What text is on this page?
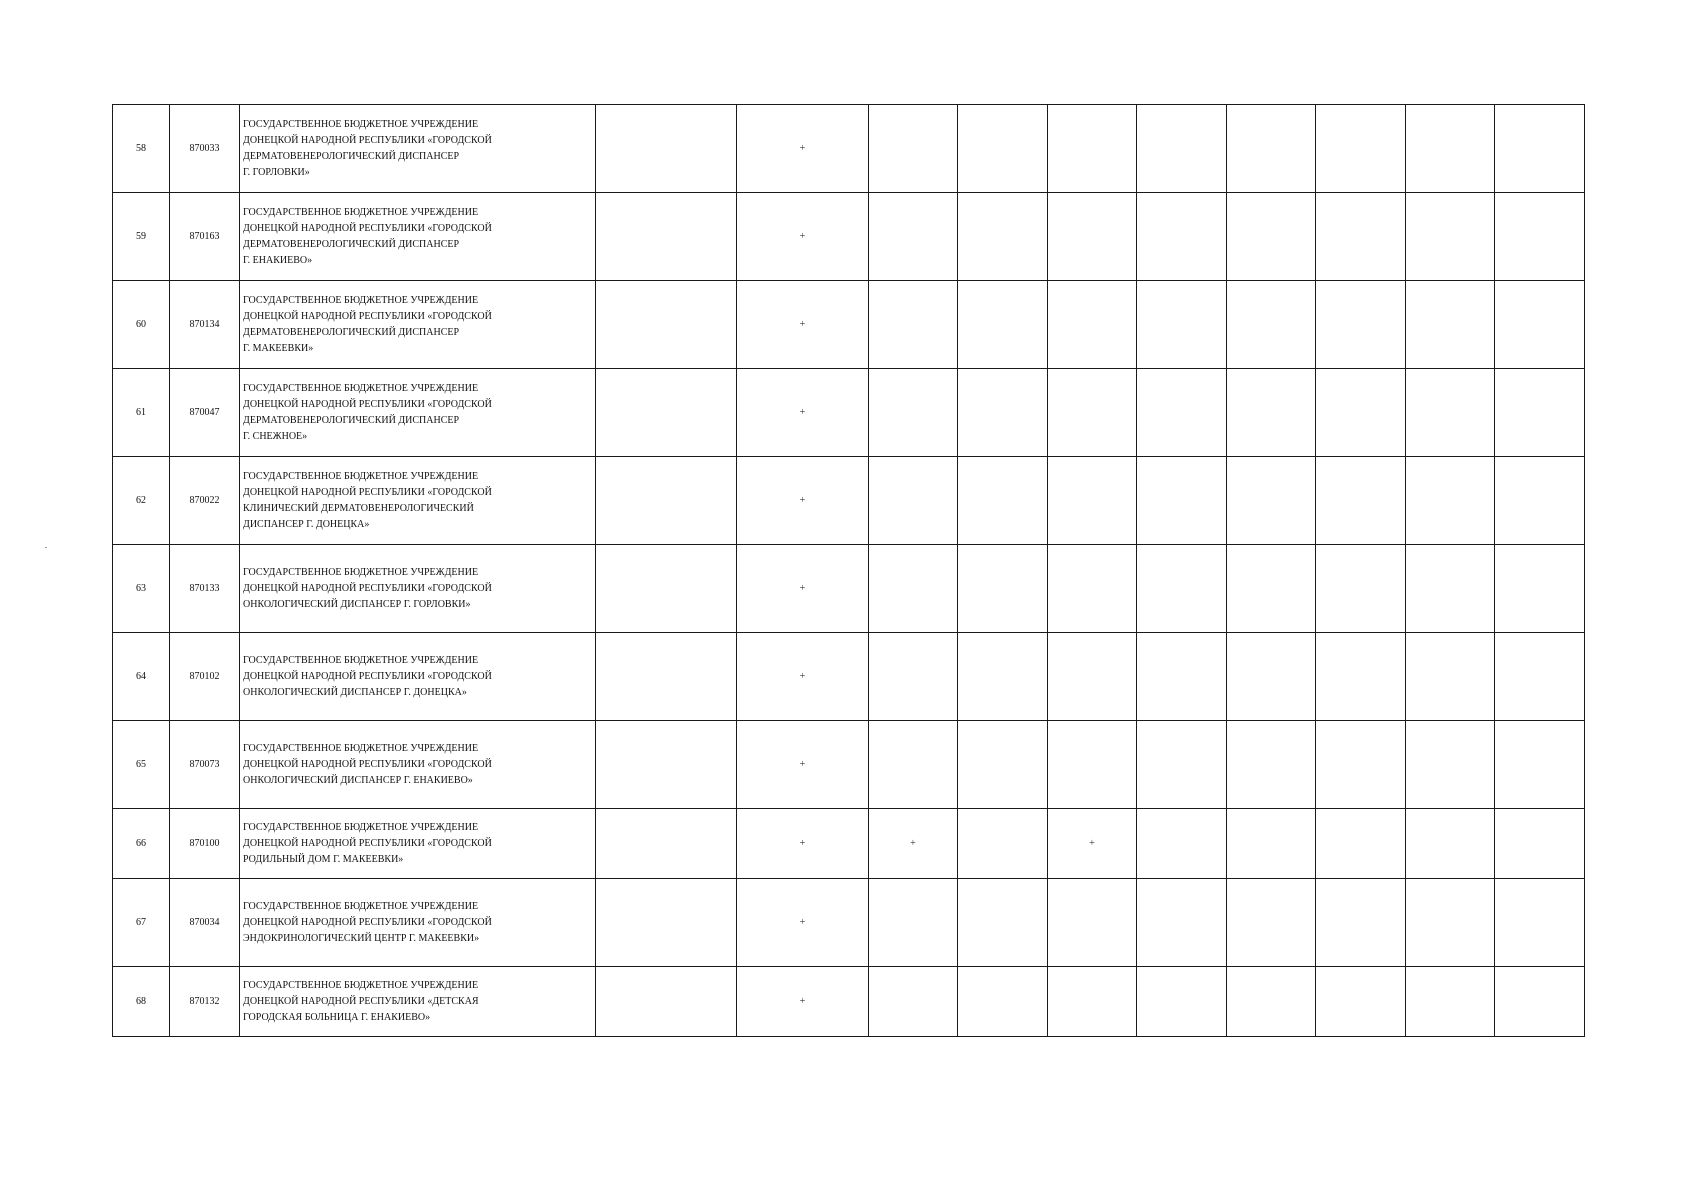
58	870033	ГОСУДАРСТВЕННОЕ БЮДЖЕТНОЕ УЧРЕЖДЕНИЕ
ДОНЕЦКОЙ НАРОДНОЙ РЕСПУБЛИКИ «ГОРОДСКОЙ
ДЕРМАТОВЕНЕРОЛОГИЧЕСКИЙ ДИСПАНСЕР
Г. ГОРЛОВКИ»		+								
59	870163	ГОСУДАРСТВЕННОЕ БЮДЖЕТНОЕ УЧРЕЖДЕНИЕ
ДОНЕЦКОЙ НАРОДНОЙ РЕСПУБЛИКИ «ГОРОДСКОЙ
ДЕРМАТОВЕНЕРОЛОГИЧЕСКИЙ ДИСПАНСЕР
Г. ЕНАКИЕВО»		+								
60	870134	ГОСУДАРСТВЕННОЕ БЮДЖЕТНОЕ УЧРЕЖДЕНИЕ
ДОНЕЦКОЙ НАРОДНОЙ РЕСПУБЛИКИ «ГОРОДСКОЙ
ДЕРМАТОВЕНЕРОЛОГИЧЕСКИЙ ДИСПАНСЕР
Г. МАКЕЕВКИ»		+								
61	870047	ГОСУДАРСТВЕННОЕ БЮДЖЕТНОЕ УЧРЕЖДЕНИЕ
ДОНЕЦКОЙ НАРОДНОЙ РЕСПУБЛИКИ «ГОРОДСКОЙ
ДЕРМАТОВЕНЕРОЛОГИЧЕСКИЙ ДИСПАНСЕР
Г. СНЕЖНОЕ»		+								
62	870022	ГОСУДАРСТВЕННОЕ БЮДЖЕТНОЕ УЧРЕЖДЕНИЕ
ДОНЕЦКОЙ НАРОДНОЙ РЕСПУБЛИКИ «ГОРОДСКОЙ
КЛИНИЧЕСКИЙ ДЕРМАТОВЕНЕРОЛОГИЧЕСКИЙ
ДИСПАНСЕР Г. ДОНЕЦКА»		+								
63	870133	ГОСУДАРСТВЕННОЕ БЮДЖЕТНОЕ УЧРЕЖДЕНИЕ
ДОНЕЦКОЙ НАРОДНОЙ РЕСПУБЛИКИ «ГОРОДСКОЙ
ОНКОЛОГИЧЕСКИЙ ДИСПАНСЕР Г. ГОРЛОВКИ»		+								
64	870102	ГОСУДАРСТВЕННОЕ БЮДЖЕТНОЕ УЧРЕЖДЕНИЕ
ДОНЕЦКОЙ НАРОДНОЙ РЕСПУБЛИКИ «ГОРОДСКОЙ
ОНКОЛОГИЧЕСКИЙ ДИСПАНСЕР Г. ДОНЕЦКА»		+								
65	870073	ГОСУДАРСТВЕННОЕ БЮДЖЕТНОЕ УЧРЕЖДЕНИЕ
ДОНЕЦКОЙ НАРОДНОЙ РЕСПУБЛИКИ «ГОРОДСКОЙ
ОНКОЛОГИЧЕСКИЙ ДИСПАНСЕР Г. ЕНАКИЕВО»		+								
66	870100	ГОСУДАРСТВЕННОЕ БЮДЖЕТНОЕ УЧРЕЖДЕНИЕ
ДОНЕЦКОЙ НАРОДНОЙ РЕСПУБЛИКИ «ГОРОДСКОЙ
РОДИЛЬНЫЙ ДОМ Г. МАКЕЕВКИ»		+	+		+					
67	870034	ГОСУДАРСТВЕННОЕ БЮДЖЕТНОЕ УЧРЕЖДЕНИЕ
ДОНЕЦКОЙ НАРОДНОЙ РЕСПУБЛИКИ «ГОРОДСКОЙ
ЭНДОКРИНОЛОГИЧЕСКИЙ ЦЕНТР Г. МАКЕЕВКИ»		+								
68	870132	ГОСУДАРСТВЕННОЕ БЮДЖЕТНОЕ УЧРЕЖДЕНИЕ
ДОНЕЦКОЙ НАРОДНОЙ РЕСПУБЛИКИ «ДЕТСКАЯ
ГОРОДСКАЯ БОЛЬНИЦА Г. ЕНАКИЕВО»		+								
